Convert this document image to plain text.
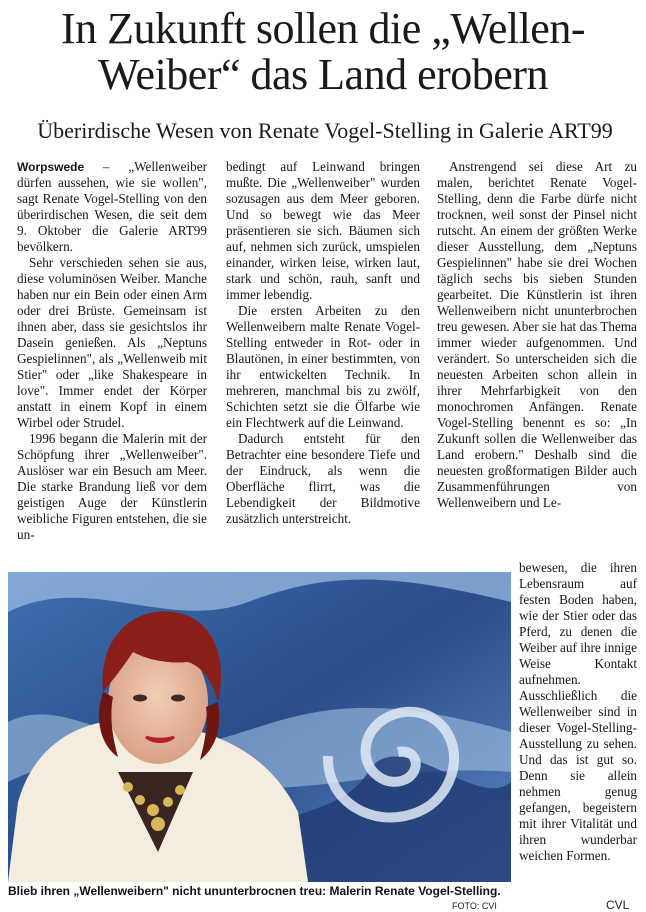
In Zukunft sollen die „Wellen-
Weiber“ das Land erobern
Überirdische Wesen von Renate Vogel-Stelling in Galerie ART99

Worpswede – „Wellenweiber dürfen aussehen, wie sie wollen", sagt Renate Vogel-Stelling von den überirdischen Wesen, die seit dem 9. Oktober die Galerie ART99 bevölkern.

Sehr verschieden sehen sie aus, diese voluminösen Weiber. Manche haben nur ein Bein oder einen Arm oder drei Brüste. Gemeinsam ist ihnen aber, dass sie gesichtslos ihr Dasein genießen. Als „Neptuns Gespielinnen", als „Wellenweib mit Stier" oder „like Shakespeare in love". Immer endet der Körper anstatt in einem Kopf in einem Wirbel oder Strudel.

1996 begann die Malerin mit der Schöpfung ihrer „Wellenweiber". Auslöser war ein Besuch am Meer. Die starke Brandung ließ vor dem geistigen Auge der Künstlerin weibliche Figuren entstehen, die sie un-

bedingt auf Leinwand bringen mußte. Die „Wellenweiber" wurden sozusagen aus dem Meer geboren. Und so bewegt wie das Meer präsentieren sie sich. Bäumen sich auf, nehmen sich zurück, umspielen einander, wirken leise, wirken laut, stark und schön, rauh, sanft und immer lebendig.

Die ersten Arbeiten zu den Wellenweibern malte Renate Vogel-Stelling entweder in Rot- oder in Blautönen, in einer bestimmten, von ihr entwickelten Technik. In mehreren, manchmal bis zu zwölf, Schichten setzt sie die Ölfarbe wie ein Flechtwerk auf die Leinwand.

Dadurch entsteht für den Betrachter eine besondere Tiefe und der Eindruck, als wenn die Oberfläche flirrt, was die Lebendigkeit der Bildmotive zusätzlich unterstreicht.

Anstrengend sei diese Art zu malen, berichtet Renate Vogel-Stelling, denn die Farbe dürfe nicht trocknen, weil sonst der Pinsel nicht rutscht. An einem der größten Werke dieser Ausstellung, dem „Neptuns Gespielinnen" habe sie drei Wochen täglich sechs bis sieben Stunden gearbeitet. Die Künstlerin ist ihren Wellenweibern nicht ununterbrochen treu gewesen. Aber sie hat das Thema immer wieder aufgenommen. Und verändert. So unterscheiden sich die neuesten Arbeiten schon allein in ihrer Mehrfarbigkeit von den monochromen Anfängen. Renate Vogel-Stelling benennt es so: „In Zukunft sollen die Wellenweiber das Land erobern." Deshalb sind die neuesten großformatigen Bilder auch Zusammenführungen von Wellenweibern und Le-

bewesen, die ihren Lebensraum auf festen Boden haben, wie der Stier oder das Pferd, zu denen die Weiber auf ihre innige Weise Kontakt aufnehmen. Ausschließlich die Wellenweiber sind in dieser Vogel-Stelling-Ausstellung zu sehen. Und das ist gut so. Denn sie allein nehmen genug gefangen, begeistern mit ihrer Vitalität und ihren wunderbar weichen Formen.

Blieb ihren „Wellenweibern" nicht ununterbrocnen treu: Malerin Renate Vogel-Stelling.
FOTO: CVI	CVL
